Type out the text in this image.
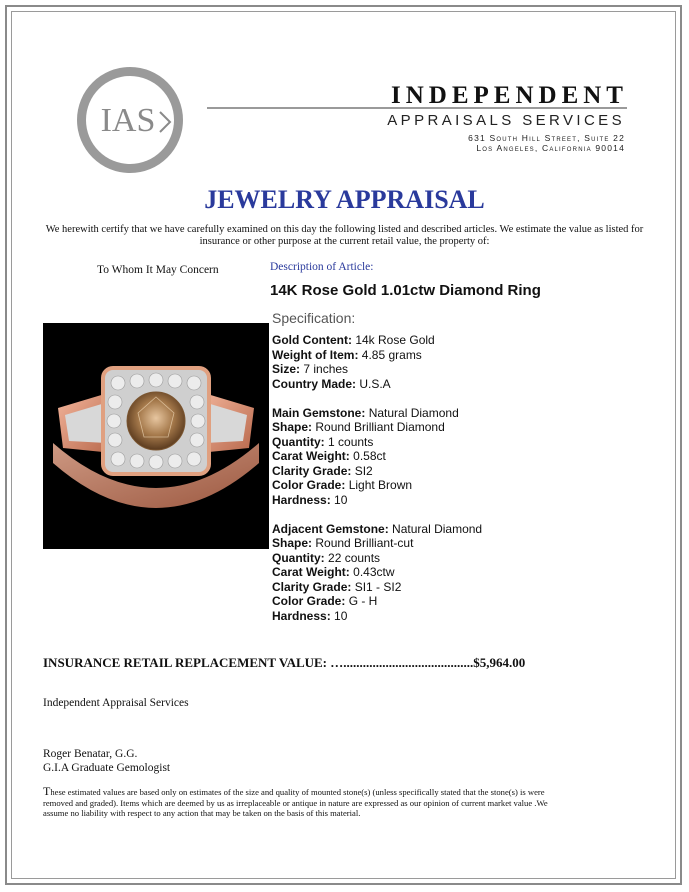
IAS
Appraisal
INDEPENDENT
APPRAISALS SERVICES
631 South Hill Street, Suite 22
Los Angeles, California 90014
JEWELRY APPRAISAL
We herewith certify that we have carefully examined on this day the following listed and described articles. We estimate the value as listed for insurance or other purpose at the current retail value, the property of:
To Whom It May Concern	Description of Article:
14K Rose Gold 1.01ctw Diamond Ring
Specification:
Gold Content: 14k Rose Gold
Weight of Item: 4.85 grams
Size: 7 inches
Country Made: U.S.A
Main Gemstone: Natural Diamond
Shape: Round Brilliant Diamond
Quantity: 1 counts
Carat Weight: 0.58ct
Clarity Grade: SI2
Color Grade: Light Brown
Hardness: 10
Adjacent Gemstone: Natural Diamond
Shape: Round Brilliant-cut
Quantity: 22 counts
Carat Weight: 0.43ctw
Clarity Grade: SI1 - SI2
Color Grade: G - H
Hardness: 10
INSURANCE RETAIL REPLACEMENT VALUE: …........................................$5,964.00
Independent Appraisal Services
Roger Benatar, G.G.
G.I.A Graduate Gemologist
These estimated values are based only on estimates of the size and quality of mounted stone(s) (unless specifically stated that the stone(s) is were removed and graded). Items which are deemed by us as irreplaceable or antique in nature are expressed as our opinion of current market value .We assume no liability with respect to any action that may be taken on the basis of this material.
